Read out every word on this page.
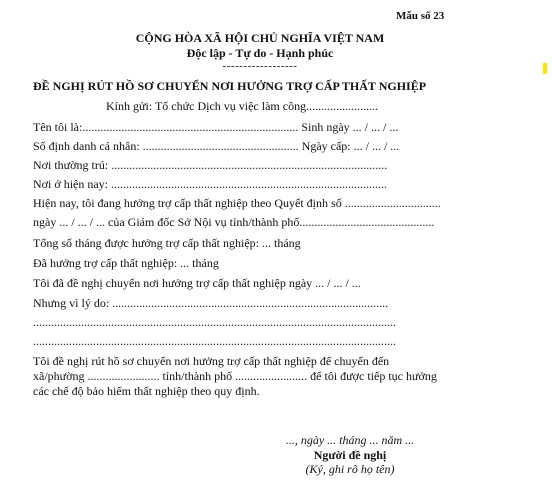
Mẫu số 23
CỘNG HÒA XÃ HỘI CHỦ NGHĨA VIỆT NAM
Độc lập - Tự do - Hạnh phúc
------------------
ĐỀ NGHỊ RÚT HỒ SƠ CHUYỂN NƠI HƯỞNG TRỢ CẤP THẤT NGHIỆP
Kính gửi: Tổ chức Dịch vụ việc làm công........................
Tên tôi là:........................................................................ Sinh ngày ... / ... / ...
Số định danh cá nhân: .................................................... Ngày cấp: ... / ... / ...
Nơi thường trú: ............................................................................................
Nơi ở hiện nay: ............................................................................................
Hiện nay, tôi đang hưởng trợ cấp thất nghiệp theo Quyết định số ................................
ngày ... / ... / ... của Giám đốc Sở Nội vụ tỉnh/thành phố.............................................
Tổng số tháng được hưởng trợ cấp thất nghiệp: ... tháng
Đã hưởng trợ cấp thất nghiệp: ... tháng
Tôi đã đề nghị chuyển nơi hưởng trợ cấp thất nghiệp ngày ... / ... / ...
Nhưng vì lý do: ............................................................................................
.........................................................................................................................
.........................................................................................................................
Tôi đề nghị rút hồ sơ chuyển nơi hưởng trợ cấp thất nghiệp để chuyển đến
xã/phường ........................ tỉnh/thành phố ........................ để tôi được tiếp tục hưởng
các chế độ bảo hiểm thất nghiệp theo quy định.
..., ngày ... tháng ... năm ...
Người đề nghị
(Ký, ghi rõ họ tên)
